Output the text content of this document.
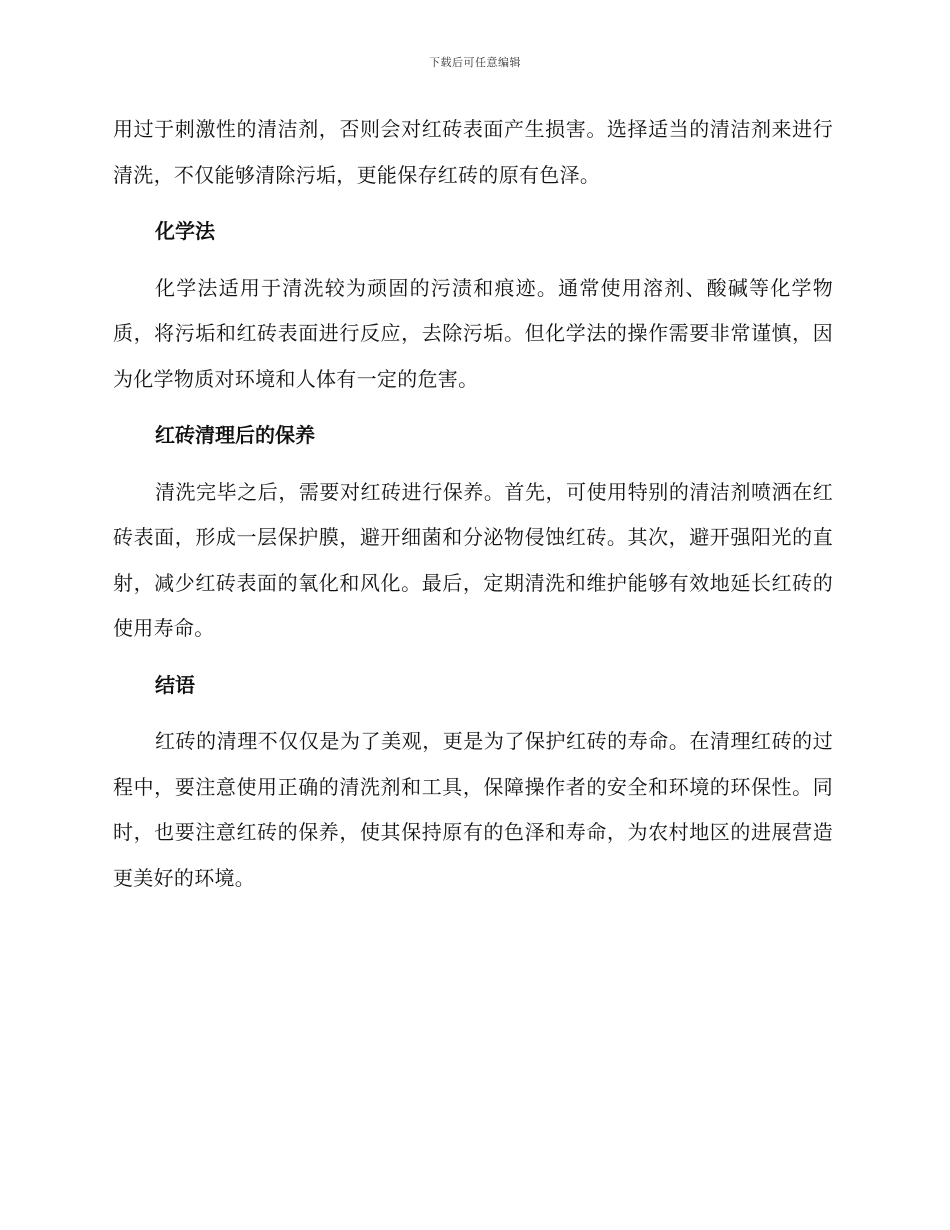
下载后可任意编辑

用过于刺激性的清洁剂，否则会对红砖表面产生损害。选择适当的清洁剂来进行清洗，不仅能够清除污垢，更能保存红砖的原有色泽。

化学法

化学法适用于清洗较为顽固的污渍和痕迹。通常使用溶剂、酸碱等化学物质，将污垢和红砖表面进行反应，去除污垢。但化学法的操作需要非常谨慎，因为化学物质对环境和人体有一定的危害。

红砖清理后的保养

清洗完毕之后，需要对红砖进行保养。首先，可使用特别的清洁剂喷洒在红砖表面，形成一层保护膜，避开细菌和分泌物侵蚀红砖。其次，避开强阳光的直射，减少红砖表面的氧化和风化。最后，定期清洗和维护能够有效地延长红砖的使用寿命。

结语

红砖的清理不仅仅是为了美观，更是为了保护红砖的寿命。在清理红砖的过程中，要注意使用正确的清洗剂和工具，保障操作者的安全和环境的环保性。同时，也要注意红砖的保养，使其保持原有的色泽和寿命，为农村地区的进展营造更美好的环境。
